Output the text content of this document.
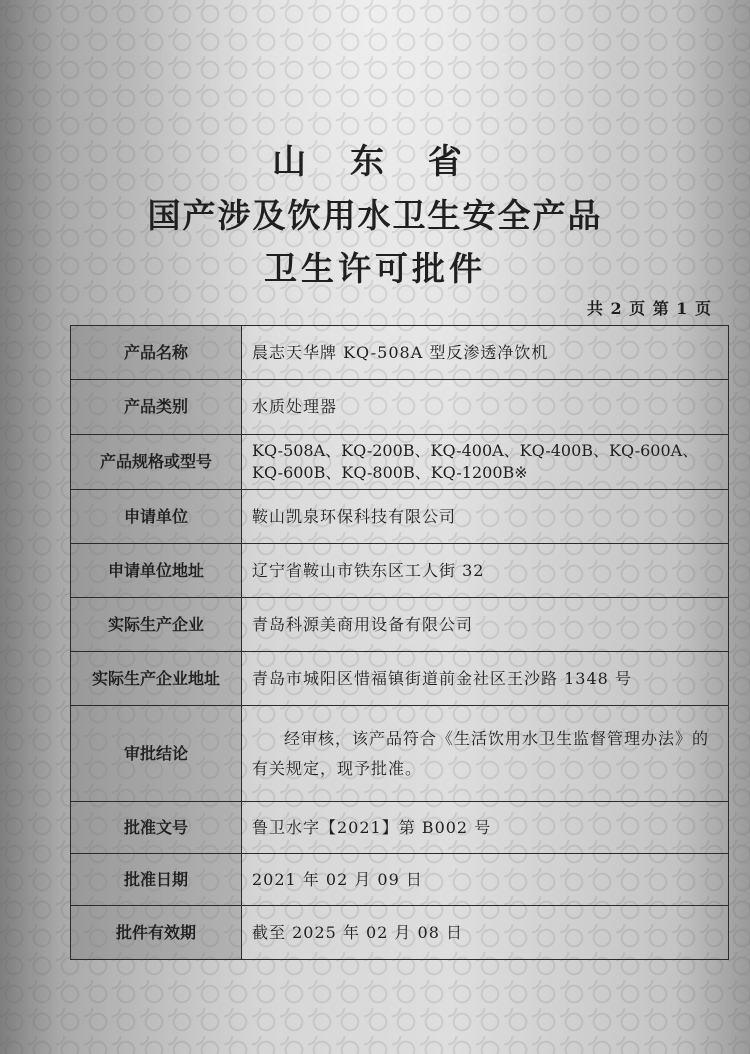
山 东 省
国产涉及饮用水卫生安全产品
卫生许可批件
共 2 页 第 1 页
产品名称	晨志天华牌 KQ-508A 型反渗透净饮机
产品类别	水质处理器
产品规格或型号	KQ-508A、KQ-200B、KQ-400A、KQ-400B、KQ-600A、KQ-600B、KQ-800B、KQ-1200B※
申请单位	鞍山凯泉环保科技有限公司
申请单位地址	辽宁省鞍山市铁东区工人街 32
实际生产企业	青岛科源美商用设备有限公司
实际生产企业地址	青岛市城阳区惜福镇街道前金社区王沙路 1348 号
审批结论	经审核，该产品符合《生活饮用水卫生监督管理办法》的有关规定，现予批准。
批准文号	鲁卫水字【2021】第 B002 号
批准日期	2021 年 02 月 09 日
批件有效期	截至 2025 年 02 月 08 日
